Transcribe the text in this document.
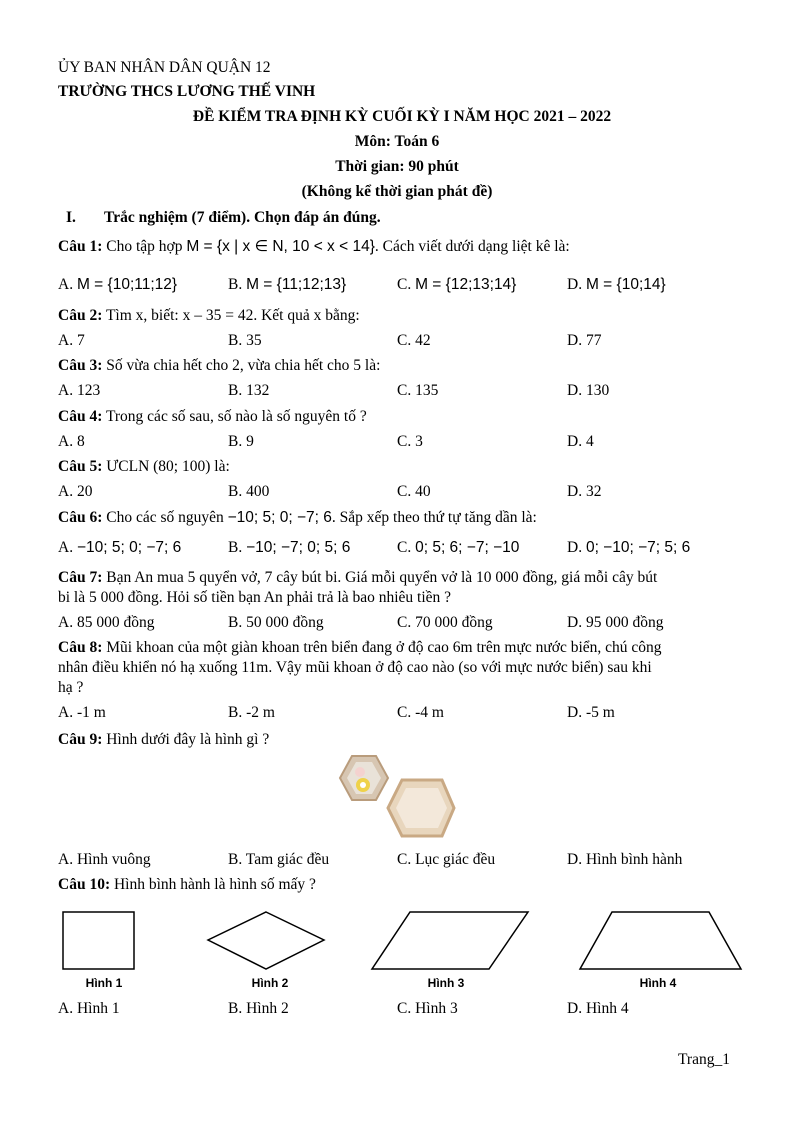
ỦY BAN NHÂN DÂN QUẬN 12
TRƯỜNG THCS LƯƠNG THẾ VINH
ĐỀ KIỂM TRA ĐỊNH KỲ CUỐI KỲ I NĂM HỌC 2021 – 2022
Môn: Toán 6
Thời gian: 90 phút
(Không kể thời gian phát đề)
I. Trắc nghiệm (7 điểm). Chọn đáp án đúng.
Câu 1: Cho tập hợp M = {x | x ∈ N, 10 < x < 14}. Cách viết dưới dạng liệt kê là:
A. M = {10;11;12}	B. M = {11;12;13}	C. M = {12;13;14}	D. M = {10;14}
Câu 2: Tìm x, biết: x – 35 = 42. Kết quả x bằng:
A. 7	B. 35	C. 42	D. 77
Câu 3: Số vừa chia hết cho 2, vừa chia hết cho 5 là:
A. 123	B. 132	C. 135	D. 130
Câu 4: Trong các số sau, số nào là số nguyên tố ?
A. 8	B. 9	C. 3	D. 4
Câu 5: ƯCLN (80; 100) là:
A. 20	B. 400	C. 40	D. 32
Câu 6: Cho các số nguyên −10; 5; 0; −7; 6. Sắp xếp theo thứ tự tăng dần là:
A. −10; 5; 0; −7; 6	B. −10; −7; 0; 5; 6	C. 0; 5; 6; −7; −10	D. 0; −10; −7; 5; 6
Câu 7: Bạn An mua 5 quyển vở, 7 cây bút bi. Giá mỗi quyển vở là 10 000 đồng, giá mỗi cây bút
bi là 5 000 đồng. Hỏi số tiền bạn An phải trả là bao nhiêu tiền ?
A. 85 000 đồng	B. 50 000 đồng	C. 70 000 đồng	D. 95 000 đồng
Câu 8: Mũi khoan của một giàn khoan trên biển đang ở độ cao 6m trên mực nước biển, chú công
nhân điều khiển nó hạ xuống 11m. Vậy mũi khoan ở độ cao nào (so với mực nước biển) sau khi
hạ ?
A. -1 m	B. -2 m	C. -4 m	D. -5 m
Câu 9: Hình dưới đây là hình gì ?
A. Hình vuông	B. Tam giác đều	C. Lục giác đều	D. Hình bình hành
Câu 10: Hình bình hành là hình số mấy ?
Hình 1	Hình 2	Hình 3	Hình 4
A. Hình 1	B. Hình 2	C. Hình 3	D. Hình 4
Trang_1
